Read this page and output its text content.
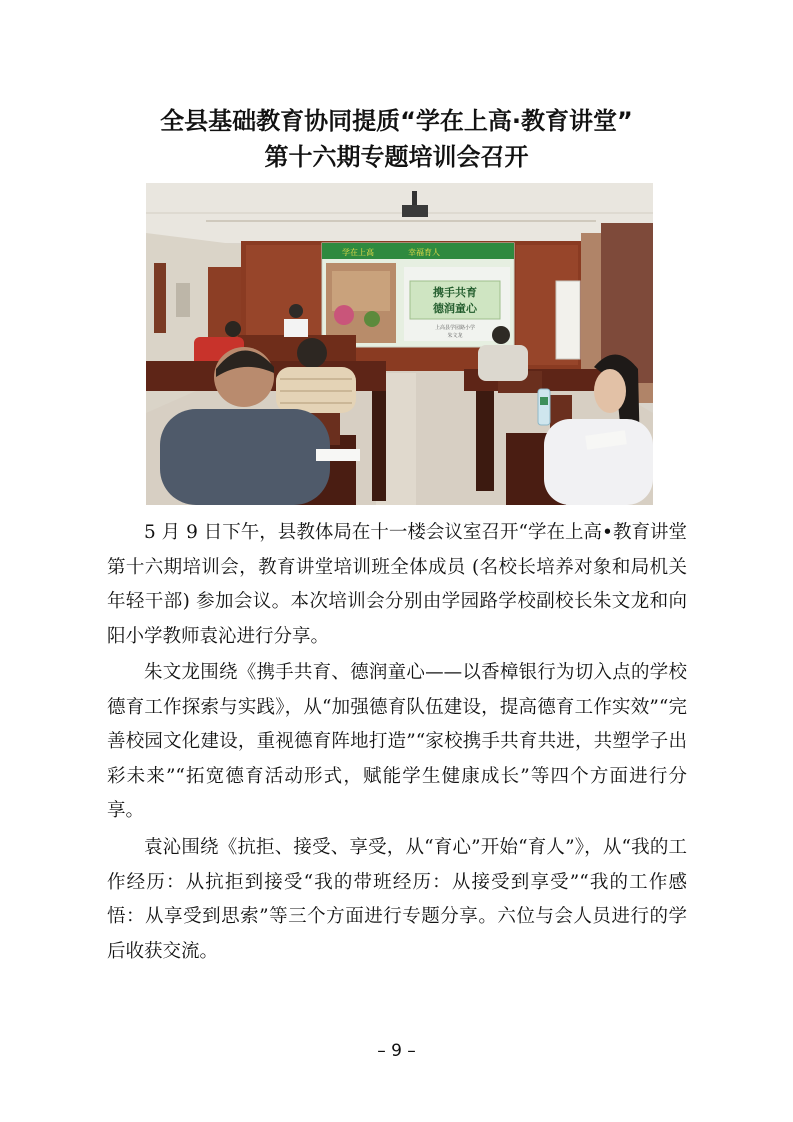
全县基础教育协同提质“学在上高·教育讲堂”
第十六期专题培训会召开
学在上高	幸福育人
携手共育
德润童心
上高县学园路小学
朱文龙

5 月 9 日下午，县教体局在十一楼会议室召开“学在上高•教育讲堂第十六期培训会，教育讲堂培训班全体成员 (名校长培养对象和局机关年轻干部) 参加会议。本次培训会分别由学园路学校副校长朱文龙和向阳小学教师袁沁进行分享。

朱文龙围绕《携手共育、德润童心——以香樟银行为切入点的学校德育工作探索与实践》，从“加强德育队伍建设，提高德育工作实效”“完善校园文化建设，重视德育阵地打造”“家校携手共育共进，共塑学子出彩未来”“拓宽德育活动形式，赋能学生健康成长”等四个方面进行分享。

袁沁围绕《抗拒、接受、享受，从“育心”开始“育人”》，从“我的工作经历：从抗拒到接受“我的带班经历：从接受到享受”“我的工作感悟：从享受到思索”等三个方面进行专题分享。六位与会人员进行的学后收获交流。

– 9 –
